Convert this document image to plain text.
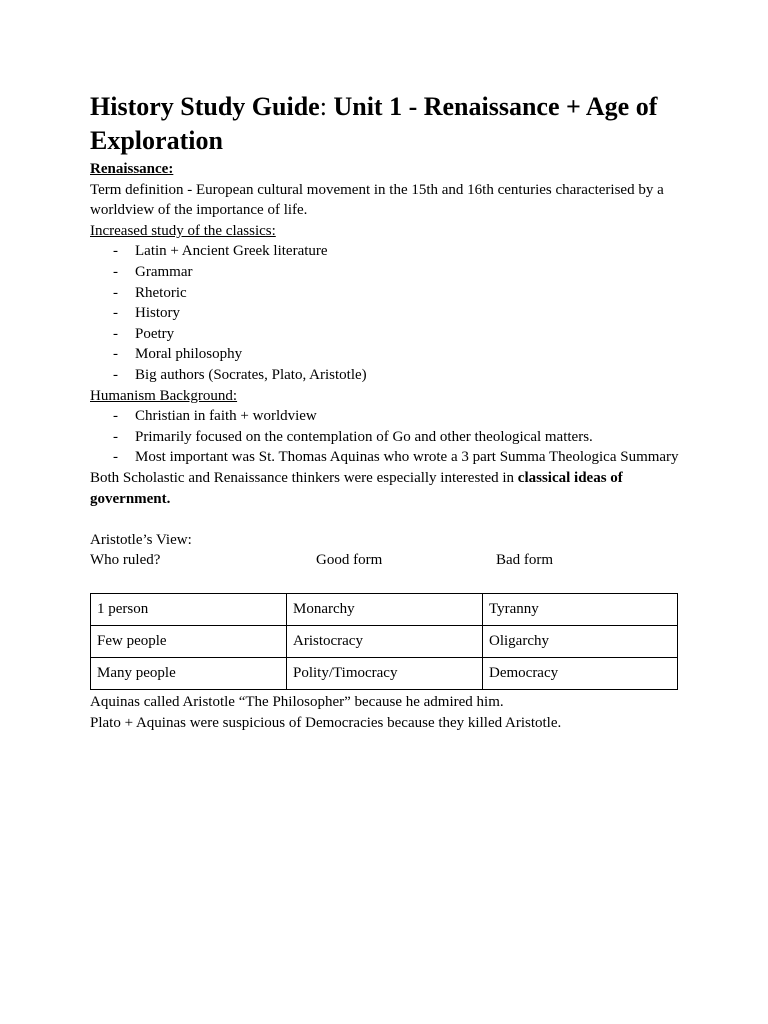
History Study Guide: Unit 1 - Renaissance + Age of Exploration
Renaissance:
Term definition - European cultural movement in the 15th and 16th centuries characterised by a worldview of the importance of life.
Increased study of the classics:
- Latin + Ancient Greek literature
- Grammar
- Rhetoric
- History
- Poetry
- Moral philosophy
- Big authors (Socrates, Plato, Aristotle)
Humanism Background:
- Christian in faith + worldview
- Primarily focused on the contemplation of Go and other theological matters.
- Most important was St. Thomas Aquinas who wrote a 3 part Summa Theologica Summary
Both Scholastic and Renaissance thinkers were especially interested in classical ideas of government.
Aristotle’s View:
Who ruled?	Good form	Bad form
1 person	Monarchy	Tyranny
Few people	Aristocracy	Oligarchy
Many people	Polity/Timocracy	Democracy
Aquinas called Aristotle “The Philosopher” because he admired him.
Plato + Aquinas were suspicious of Democracies because they killed Aristotle.
